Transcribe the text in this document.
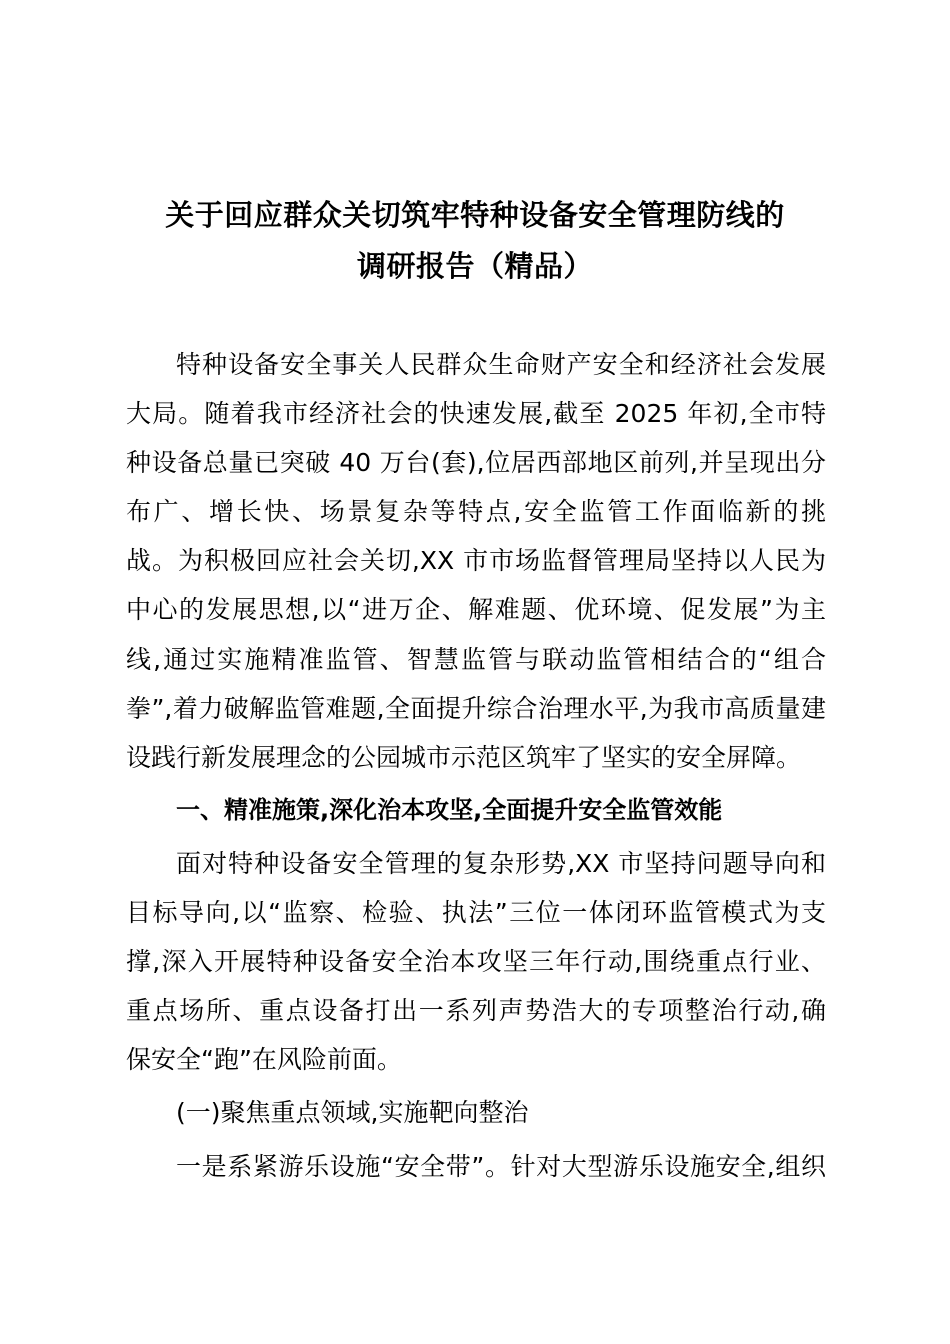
关于回应群众关切筑牢特种设备安全管理防线的
调研报告（精品）
特种设备安全事关人民群众生命财产安全和经济社会发展
大局。随着我市经济社会的快速发展,截至 2025 年初,全市特
种设备总量已突破 40 万台(套),位居西部地区前列,并呈现出分
布广、增长快、场景复杂等特点,安全监管工作面临新的挑
战。为积极回应社会关切,XX 市市场监督管理局坚持以人民为
中心的发展思想,以“进万企、解难题、优环境、促发展”为主
线,通过实施精准监管、智慧监管与联动监管相结合的“组合
拳”,着力破解监管难题,全面提升综合治理水平,为我市高质量建
设践行新发展理念的公园城市示范区筑牢了坚实的安全屏障。
一、精准施策,深化治本攻坚,全面提升安全监管效能
面对特种设备安全管理的复杂形势,XX 市坚持问题导向和
目标导向,以“监察、检验、执法”三位一体闭环监管模式为支
撑,深入开展特种设备安全治本攻坚三年行动,围绕重点行业、
重点场所、重点设备打出一系列声势浩大的专项整治行动,确
保安全“跑”在风险前面。
(一)聚焦重点领域,实施靶向整治
一是系紧游乐设施“安全带”。针对大型游乐设施安全,组织
